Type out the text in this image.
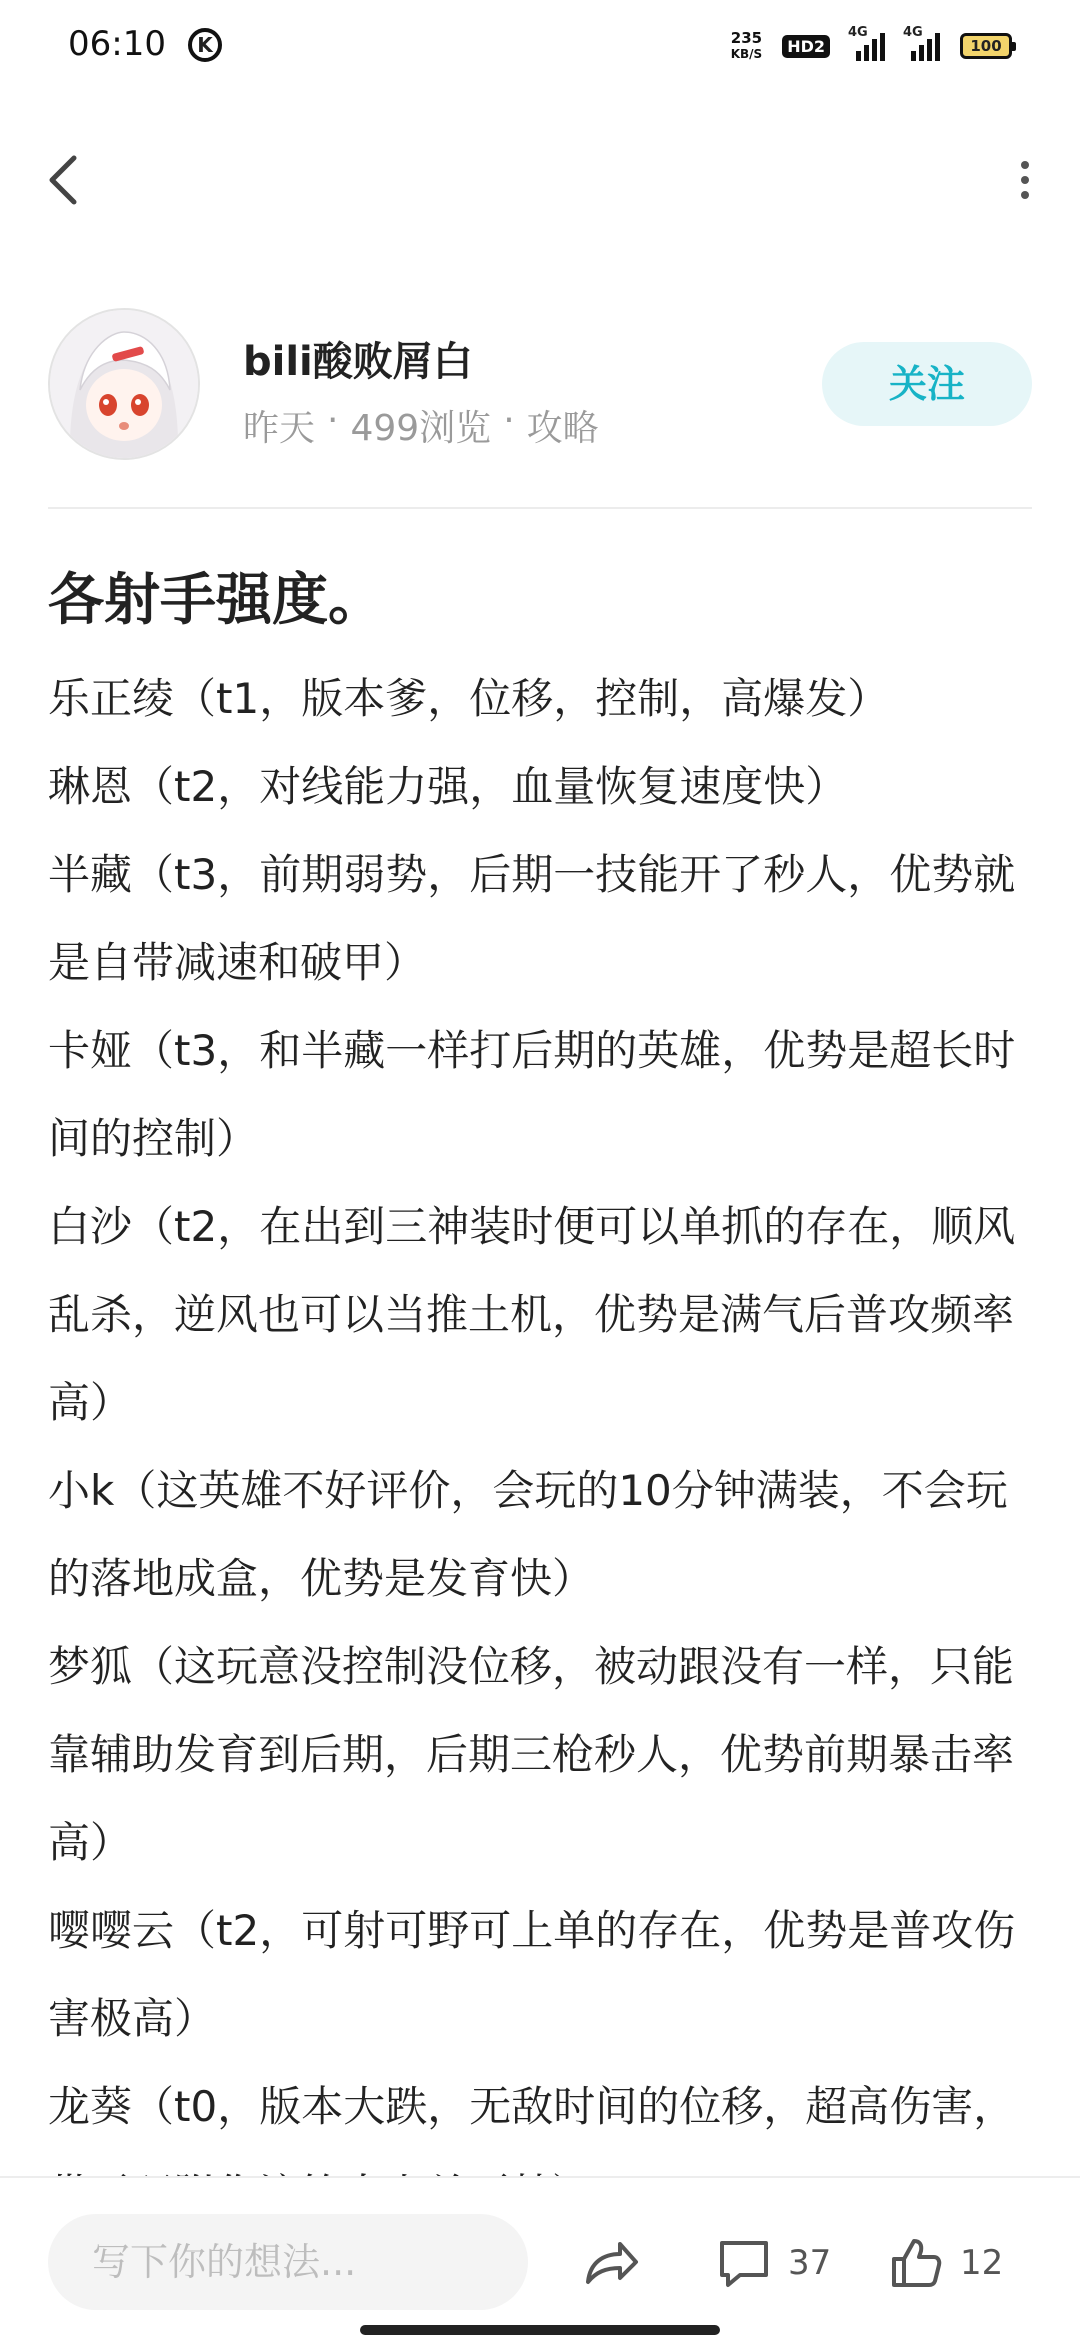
06:10	K	235
KB/S	HD2
4G	4G
100
bili酸败屑白
昨天 · 499浏览 · 攻略
关注
各射手强度。

乐正绫（t1，版本爹，位移，控制，高爆发）

琳恩（t2，对线能力强，血量恢复速度快）

半藏（t3，前期弱势，后期一技能开了秒人，优势就是自带减速和破甲）

卡娅（t3，和半藏一样打后期的英雄，优势是超长时间的控制）

白沙（t2，在出到三神装时便可以单抓的存在，顺风乱杀，逆风也可以当推土机，优势是满气后普攻频率高）

小k（这英雄不好评价，会玩的10分钟满装，不会玩的落地成盒，优势是发育快）

梦狐（这玩意没控制没位移，被动跟没有一样，只能靠辅助发育到后期，后期三枪秒人，优势前期暴击率高）

嘤嘤云（t2，可射可野可上单的存在，优势是普攻伤害极高）

龙葵（t0，版本大跌，无敌时间的位移，超高伤害，

写下你的想法...	37	12
